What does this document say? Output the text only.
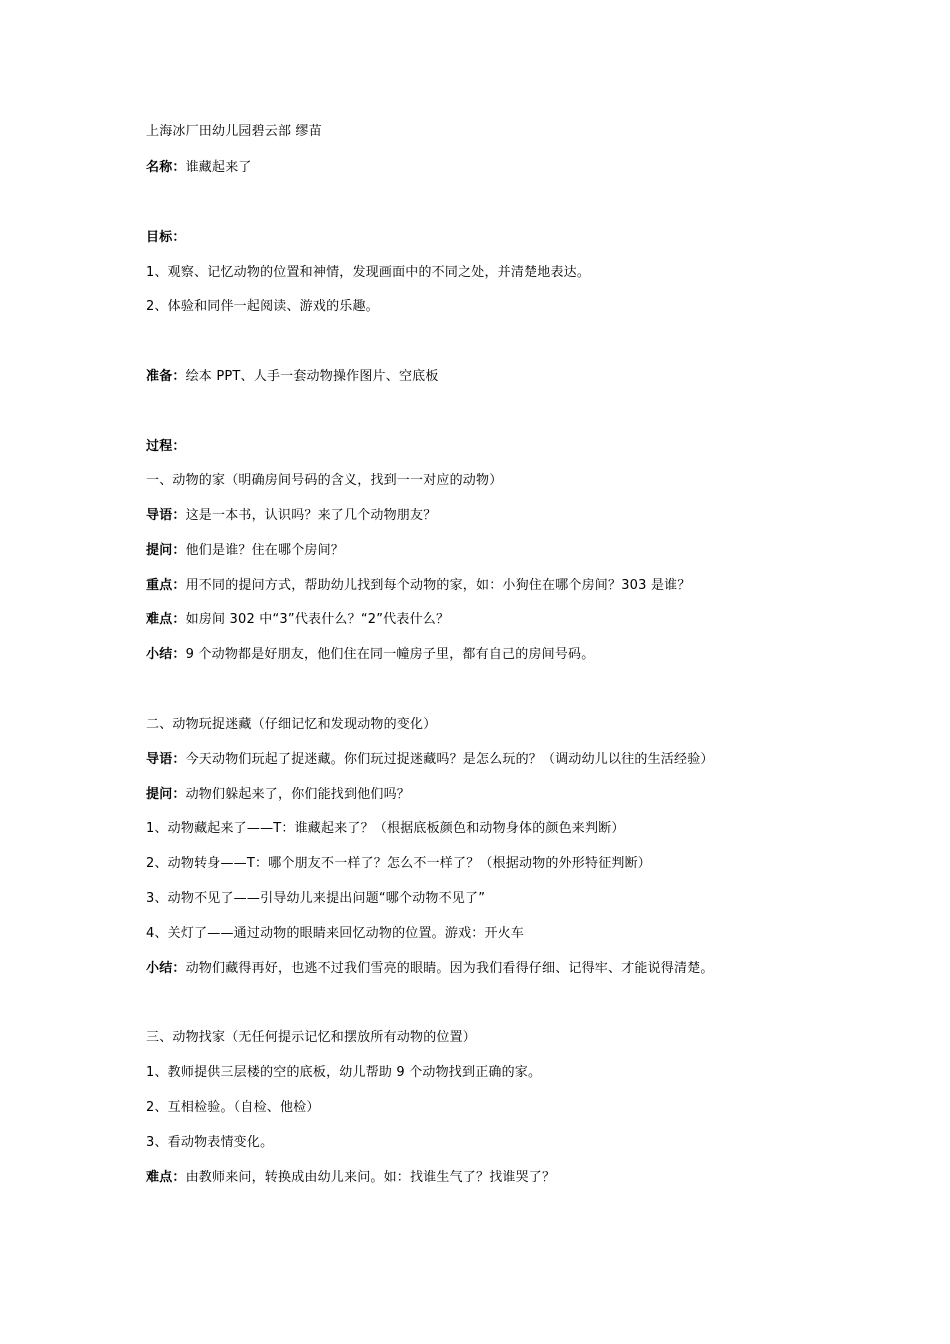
上海冰厂田幼儿园碧云部 缪苗
名称：谁藏起来了
目标：
1、观察、记忆动物的位置和神情，发现画面中的不同之处，并清楚地表达。
2、体验和同伴一起阅读、游戏的乐趣。
准备：绘本 PPT、人手一套动物操作图片、空底板
过程：
一、动物的家（明确房间号码的含义，找到一一对应的动物）
导语：这是一本书，认识吗？来了几个动物朋友？
提问：他们是谁？住在哪个房间？
重点：用不同的提问方式，帮助幼儿找到每个动物的家，如：小狗住在哪个房间？303 是谁？
难点：如房间 302 中“3”代表什么？“2”代表什么？
小结：9 个动物都是好朋友，他们住在同一幢房子里，都有自己的房间号码。
二、动物玩捉迷藏（仔细记忆和发现动物的变化）
导语：今天动物们玩起了捉迷藏。你们玩过捉迷藏吗？是怎么玩的？（调动幼儿以往的生活经验）
提问：动物们躲起来了，你们能找到他们吗？
1、动物藏起来了——T：谁藏起来了？（根据底板颜色和动物身体的颜色来判断）
2、动物转身——T：哪个朋友不一样了？怎么不一样了？（根据动物的外形特征判断）
3、动物不见了——引导幼儿来提出问题“哪个动物不见了”
4、关灯了——通过动物的眼睛来回忆动物的位置。游戏：开火车
小结：动物们藏得再好，也逃不过我们雪亮的眼睛。因为我们看得仔细、记得牢、才能说得清楚。
三、动物找家（无任何提示记忆和摆放所有动物的位置）
1、教师提供三层楼的空的底板，幼儿帮助 9 个动物找到正确的家。
2、互相检验。（自检、他检）
3、看动物表情变化。
难点：由教师来问，转换成由幼儿来问。如：找谁生气了？找谁哭了？
